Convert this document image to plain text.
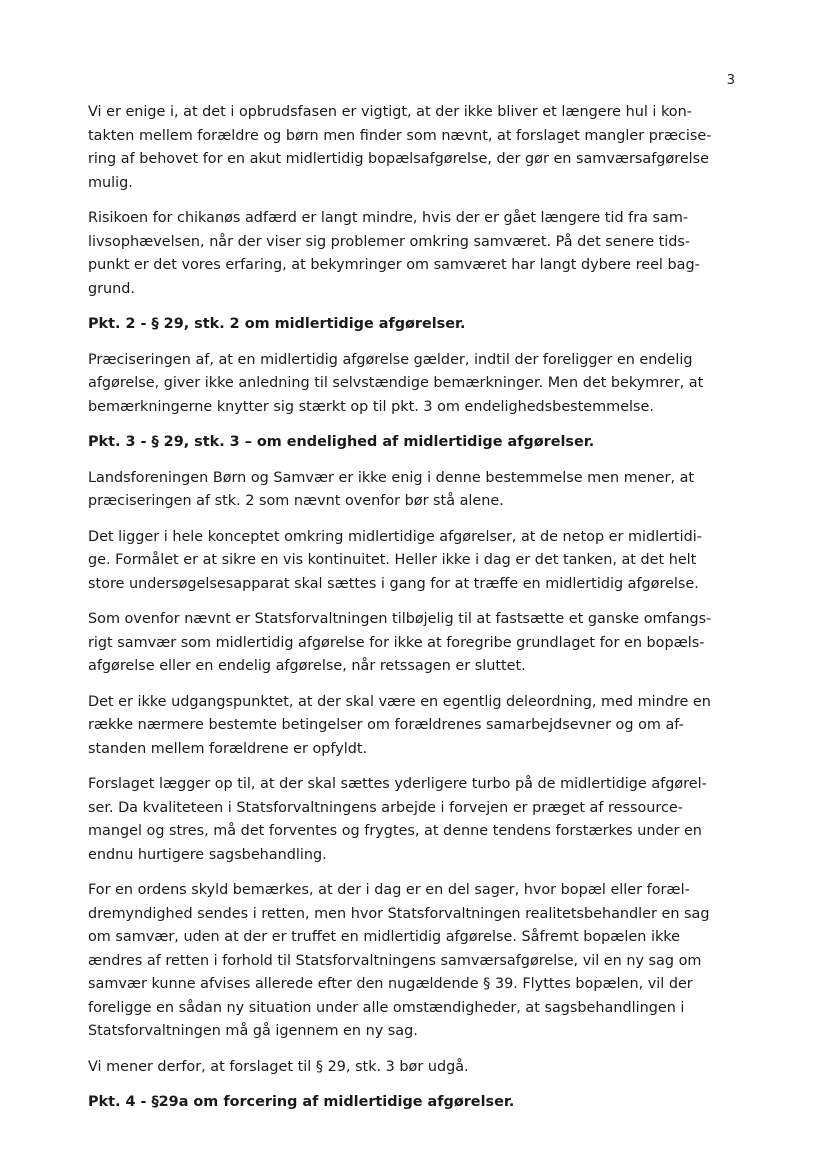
3

Vi er enige i, at det i opbrudsfasen er vigtigt, at der ikke bliver et længere hul i kon-
takten mellem forældre og børn men finder som nævnt, at forslaget mangler præcise-
ring af behovet for en akut midlertidig bopælsafgørelse, der gør en samværsafgørelse
mulig.

Risikoen for chikanøs adfærd er langt mindre, hvis der er gået længere tid fra sam-
livsophævelsen, når der viser sig problemer omkring samværet. På det senere tids-
punkt er det vores erfaring, at bekymringer om samværet har langt dybere reel bag-
grund.

Pkt. 2 - § 29, stk. 2 om midlertidige afgørelser.

Præciseringen af, at en midlertidig afgørelse gælder, indtil der foreligger en endelig
afgørelse, giver ikke anledning til selvstændige bemærkninger. Men det bekymrer, at
bemærkningerne knytter sig stærkt op til pkt. 3 om endelighedsbestemmelse.

Pkt. 3 - § 29, stk. 3 – om endelighed af midlertidige afgørelser.

Landsforeningen Børn og Samvær er ikke enig i denne bestemmelse men mener, at
præciseringen af stk. 2 som nævnt ovenfor bør stå alene.

Det ligger i hele konceptet omkring midlertidige afgørelser, at de netop er midlertidi-
ge. Formålet er at sikre en vis kontinuitet. Heller ikke i dag er det tanken, at det helt
store undersøgelsesapparat skal sættes i gang for at træffe en midlertidig afgørelse.

Som ovenfor nævnt er Statsforvaltningen tilbøjelig til at fastsætte et ganske omfangs-
rigt samvær som midlertidig afgørelse for ikke at foregribe grundlaget for en bopæls-
afgørelse eller en endelig afgørelse, når retssagen er sluttet.

Det er ikke udgangspunktet, at der skal være en egentlig deleordning, med mindre en
række nærmere bestemte betingelser om forældrenes samarbejdsevner og om af-
standen mellem forældrene er opfyldt.

Forslaget lægger op til, at der skal sættes yderligere turbo på de midlertidige afgørel-
ser. Da kvaliteteen i Statsforvaltningens arbejde i forvejen er præget af ressource-
mangel og stres, må det forventes og frygtes, at denne tendens forstærkes under en
endnu hurtigere sagsbehandling.

For en ordens skyld bemærkes, at der i dag er en del sager, hvor bopæl eller foræl-
dremyndighed sendes i retten, men hvor Statsforvaltningen realitetsbehandler en sag
om samvær, uden at der er truffet en midlertidig afgørelse. Såfremt bopælen ikke
ændres af retten i forhold til Statsforvaltningens samværsafgørelse, vil en ny sag om
samvær kunne afvises allerede efter den nugældende § 39. Flyttes bopælen, vil der
foreligge en sådan ny situation under alle omstændigheder, at sagsbehandlingen i
Statsforvaltningen må gå igennem en ny sag.

Vi mener derfor, at forslaget til § 29, stk. 3 bør udgå.

Pkt. 4 - §29a om forcering af midlertidige afgørelser.
